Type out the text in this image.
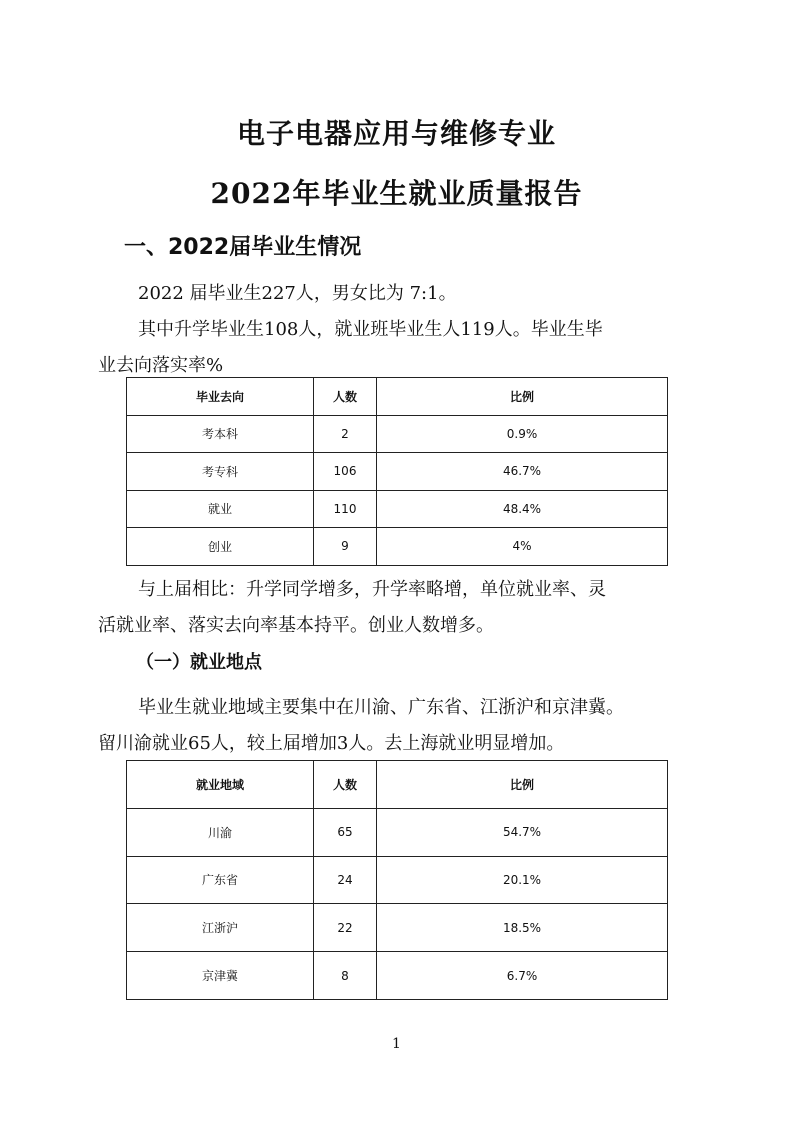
电子电器应用与维修专业
2022年毕业生就业质量报告
一、2022届毕业生情况
2022 届毕业生227人，男女比为 7:1。
其中升学毕业生108人，就业班毕业生人119人。毕业生毕
业去向落实率%
毕业去向	人数	比例
考本科	2	0.9%
考专科	106	46.7%
就业	110	48.4%
创业	9	4%
与上届相比：升学同学增多，升学率略增，单位就业率、灵
活就业率、落实去向率基本持平。创业人数增多。
（一）就业地点
毕业生就业地域主要集中在川渝、广东省、江浙沪和京津冀。
留川渝就业65人，较上届增加3人。去上海就业明显增加。
就业地域	人数	比例
川渝	65	54.7%
广东省	24	20.1%
江浙沪	22	18.5%
京津冀	8	6.7%
1
